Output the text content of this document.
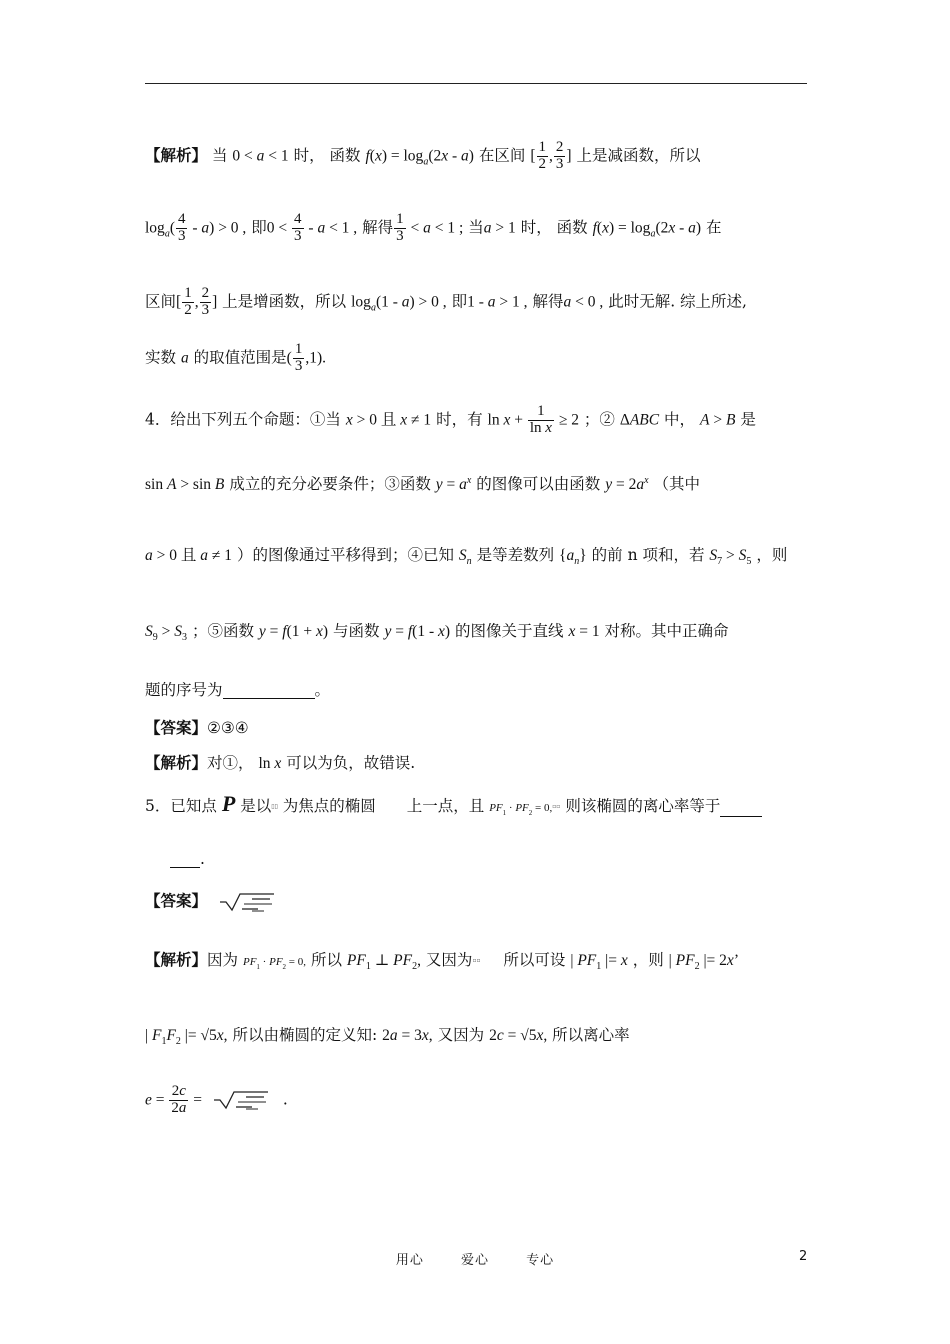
【解析】 当 0 < a < 1 时， 函数 $f(x) = \log_a(2x - a)$ 在区间 [ $\frac{1}{2}$ , $\frac{2}{3}$ ] 上是减函数，所以
$\log_a( \frac{4}{3} - a) > 0$ , 即$0 < \frac{4}{3} - a < 1$ , 解得 $\frac{1}{3} < a < 1$ ; 当a > 1 时， 函数 $f(x) = \log_a(2x - a)$ 在
区间[ $\frac{1}{2}$ , $\frac{2}{3}$ ] 上是增函数，所以 $\log_a(1 - a) > 0$ , 即1 - a > 1 , 解得a < 0 , 此时无解. 综上所述,
实数 a 的取值范围是( $\frac{1}{3} ,1$).
4．给出下列五个命题：①当 x > 0 且 x ≠ 1 时，有 $\ln x + \frac{1}{\text{ln x}} \ge 2$ ；② ΔABC 中， A > B 是
sin A > sin B 成立的充分必要条件；③函数 $y = a^x$ 的图像可以由函数 $y = 2a^x$ （其中
a > 0 且 a ≠ 1 ）的图像通过平移得到；④已知 $S_n$ 是等差数列 $\{a_n\}$ 的前 n 项和，若 $S_7 > S_5$ ，则
$S_9 > S_3$ ；⑤函数 y = f(1 + x) 与函数 y = f(1 - x) 的图像关于直线 x = 1 对称。其中正确命
题的序号为	。
【答案】②③④
【解析】对①， ln x 可以为负，故错误.
5．已知点 P 是以▯▯ 为焦点的椭圆 上一点，且 $PF_1 \cdot PF_2$ = 0,▫▫ 则该椭圆的离心率等于
.
【答案】
【解析】因为 $PF_1 \cdot PF_2 = 0$, 所以 $PF_1$ ⊥ $PF_2$, 又因为▫▫ 所以可设 | $PF_1$ |= x ，则 | $PF_2$ |= 2x’
| $F_1F_2$ |= √5x, 所以由椭圆的定义知: 2a = 3x, 又因为 2c = √5x, 所以离心率
$e = \frac{2c}{2a}$ =	.
用心	爱心	专心	2
